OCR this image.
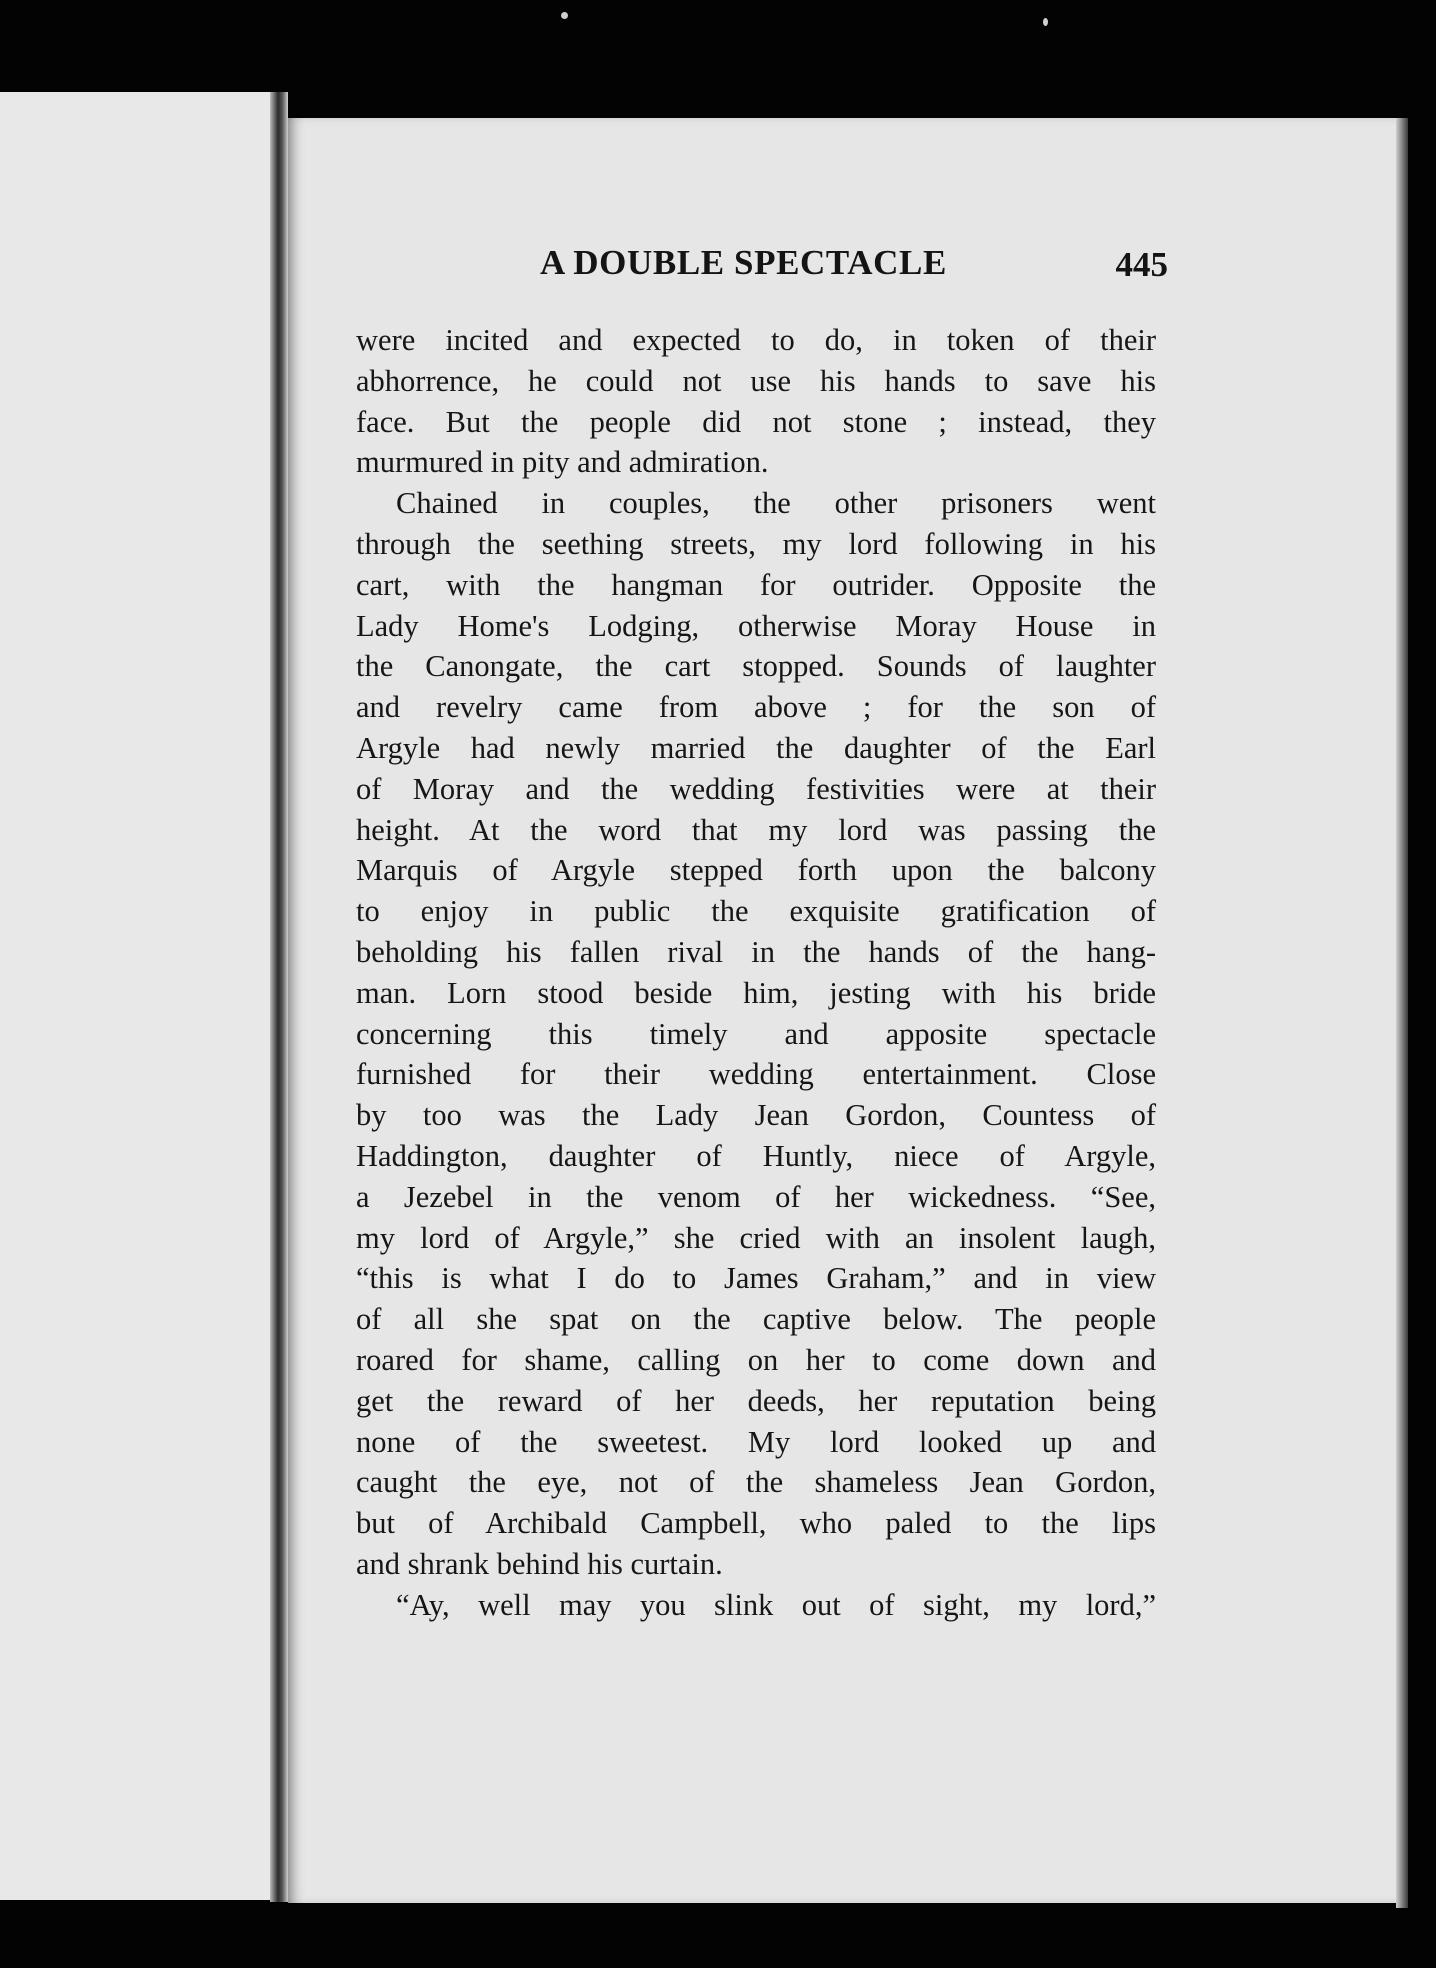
A DOUBLE SPECTACLE	445
were incited and expected to do, in token of their
abhorrence, he could not use his hands to save his
face. But the people did not stone ; instead, they
murmured in pity and admiration.
Chained in couples, the other prisoners went
through the seething streets, my lord following in his
cart, with the hangman for outrider. Opposite the
Lady Home's Lodging, otherwise Moray House in
the Canongate, the cart stopped. Sounds of laughter
and revelry came from above ; for the son of
Argyle had newly married the daughter of the Earl
of Moray and the wedding festivities were at their
height. At the word that my lord was passing the
Marquis of Argyle stepped forth upon the balcony
to enjoy in public the exquisite gratification of
beholding his fallen rival in the hands of the hang-
man. Lorn stood beside him, jesting with his bride
concerning this timely and apposite spectacle
furnished for their wedding entertainment. Close
by too was the Lady Jean Gordon, Countess of
Haddington, daughter of Huntly, niece of Argyle,
a Jezebel in the venom of her wickedness. “See,
my lord of Argyle,” she cried with an insolent laugh,
“this is what I do to James Graham,” and in view
of all she spat on the captive below. The people
roared for shame, calling on her to come down and
get the reward of her deeds, her reputation being
none of the sweetest. My lord looked up and
caught the eye, not of the shameless Jean Gordon,
but of Archibald Campbell, who paled to the lips
and shrank behind his curtain.
“Ay, well may you slink out of sight, my lord,”
